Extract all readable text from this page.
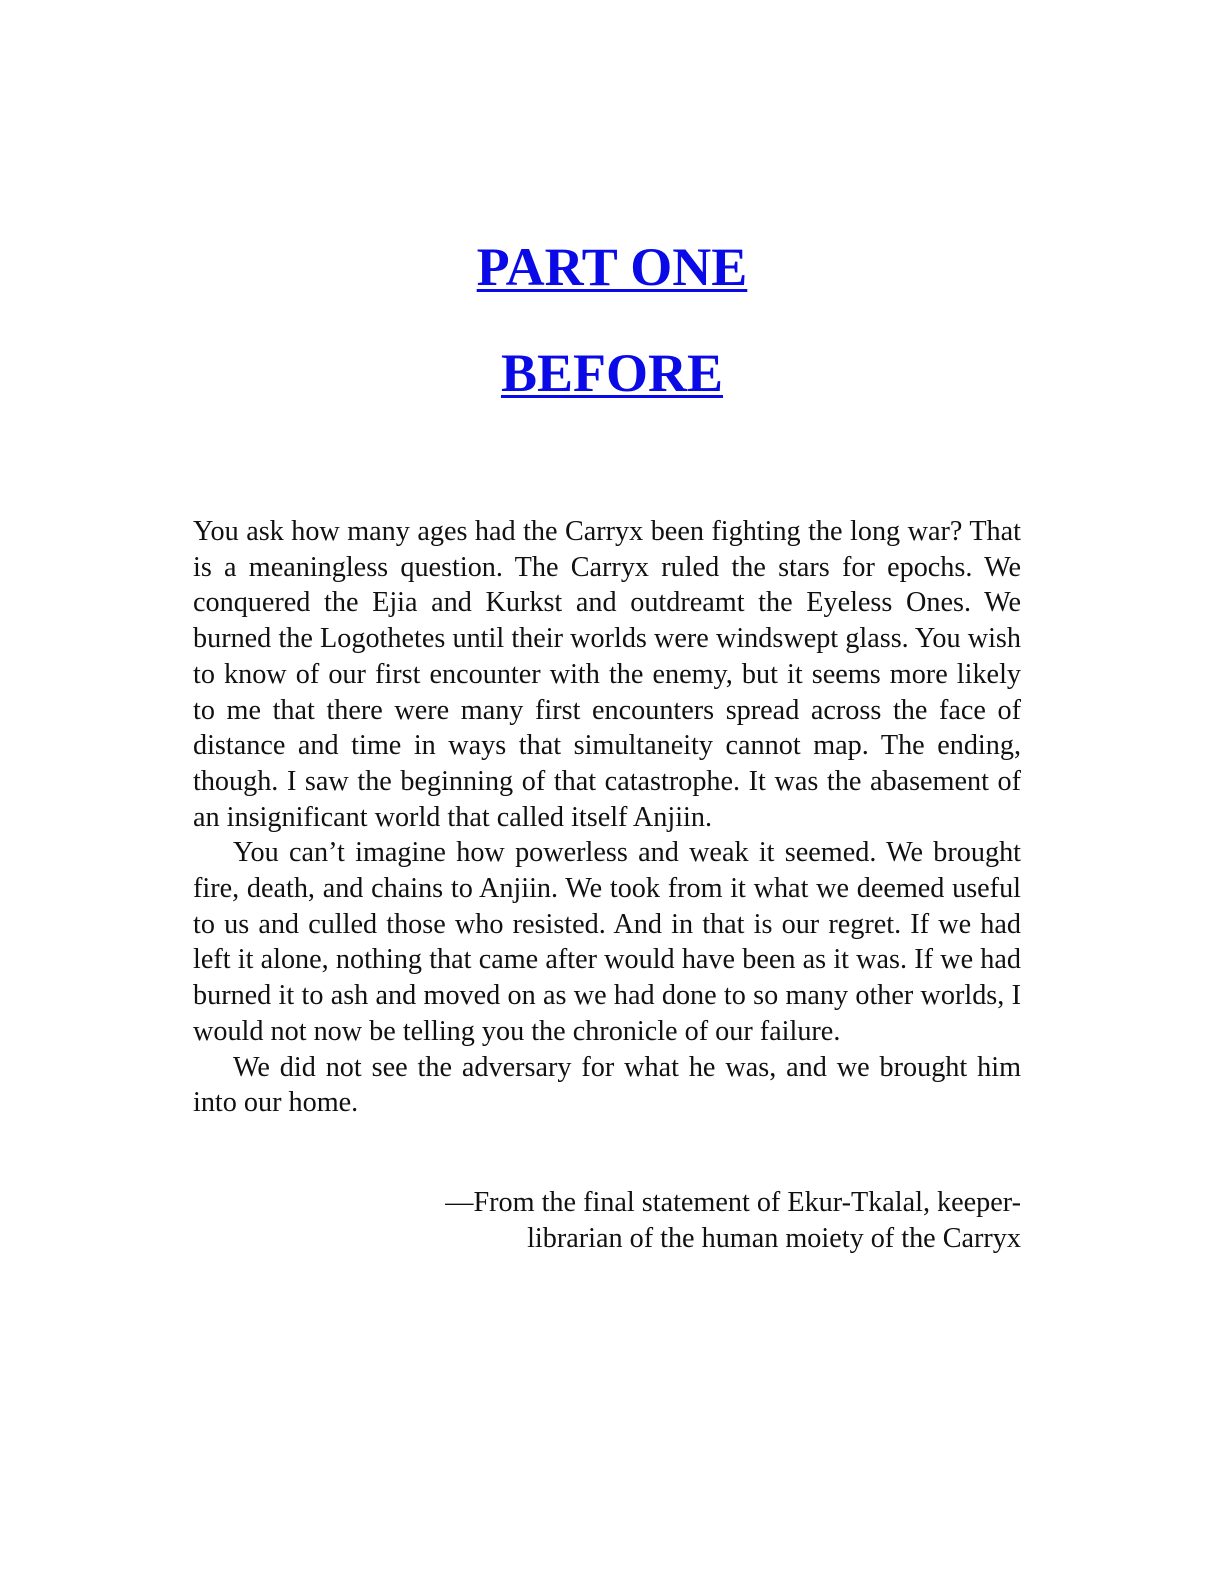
PART ONE
BEFORE

You ask how many ages had the Carryx been fighting the long war? That is a meaningless question. The Carryx ruled the stars for epochs. We conquered the Ejia and Kurkst and outdreamt the Eyeless Ones. We burned the Logothetes until their worlds were windswept glass. You wish to know of our first encounter with the enemy, but it seems more likely to me that there were many first encounters spread across the face of distance and time in ways that simultaneity cannot map. The ending, though. I saw the beginning of that catastrophe. It was the abasement of an insignificant world that called itself Anjiin.

You can’t imagine how powerless and weak it seemed. We brought fire, death, and chains to Anjiin. We took from it what we deemed useful to us and culled those who resisted. And in that is our regret. If we had left it alone, nothing that came after would have been as it was. If we had burned it to ash and moved on as we had done to so many other worlds, I would not now be telling you the chronicle of our failure.

We did not see the adversary for what he was, and we brought him into our home.

—From the final statement of Ekur-Tkalal, keeper-
librarian of the human moiety of the Carryx
